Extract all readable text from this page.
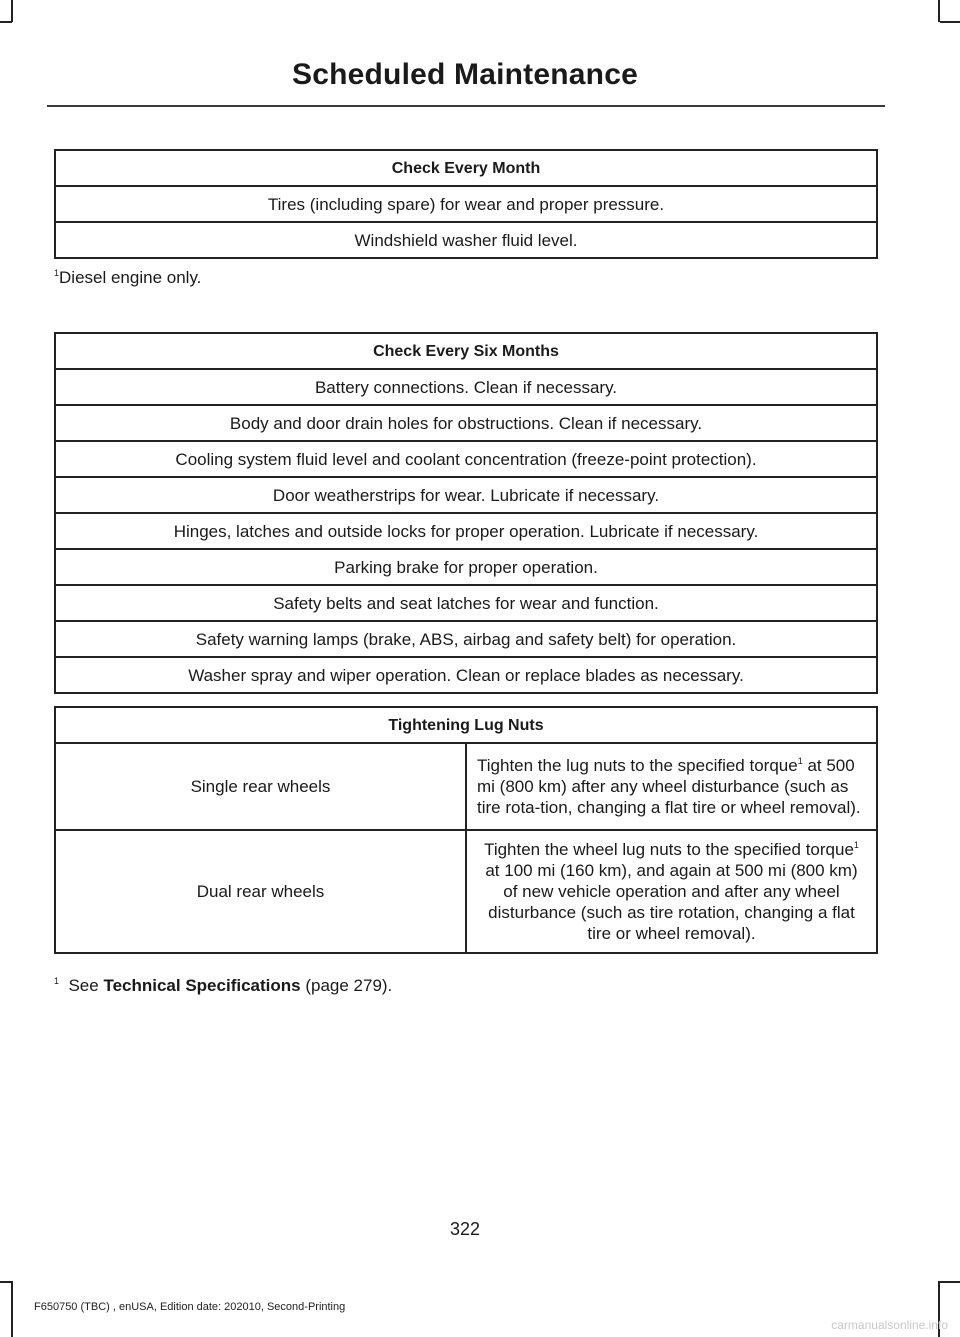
Scheduled Maintenance
Check Every Month
Tires (including spare) for wear and proper pressure.
Windshield washer fluid level.
$^1$Diesel engine only.
Check Every Six Months
Battery connections. Clean if necessary.
Body and door drain holes for obstructions. Clean if necessary.
Cooling system fluid level and coolant concentration (freeze-point protection).
Door weatherstrips for wear. Lubricate if necessary.
Hinges, latches and outside locks for proper operation. Lubricate if necessary.
Parking brake for proper operation.
Safety belts and seat latches for wear and function.
Safety warning lamps (brake, ABS, airbag and safety belt) for operation.
Washer spray and wiper operation. Clean or replace blades as necessary.
Tightening Lug Nuts	
Single rear wheels	Tighten the lug nuts to the specified torque$^1$ at 500 mi (800 km) after any wheel disturbance (such as tire rota-tion, changing a flat tire or wheel removal).
Dual rear wheels	Tighten the wheel lug nuts to the specified torque$^1$ at 100 mi (160 km), and again at 500 mi (800 km) of new vehicle operation and after any wheel disturbance (such as tire rotation, changing a flat tire or wheel removal).
$^1$ See Technical Specifications (page 279).
322
F650750 (TBC) , enUSA, Edition date: 202010, Second-Printing
carmanualsonline.info
